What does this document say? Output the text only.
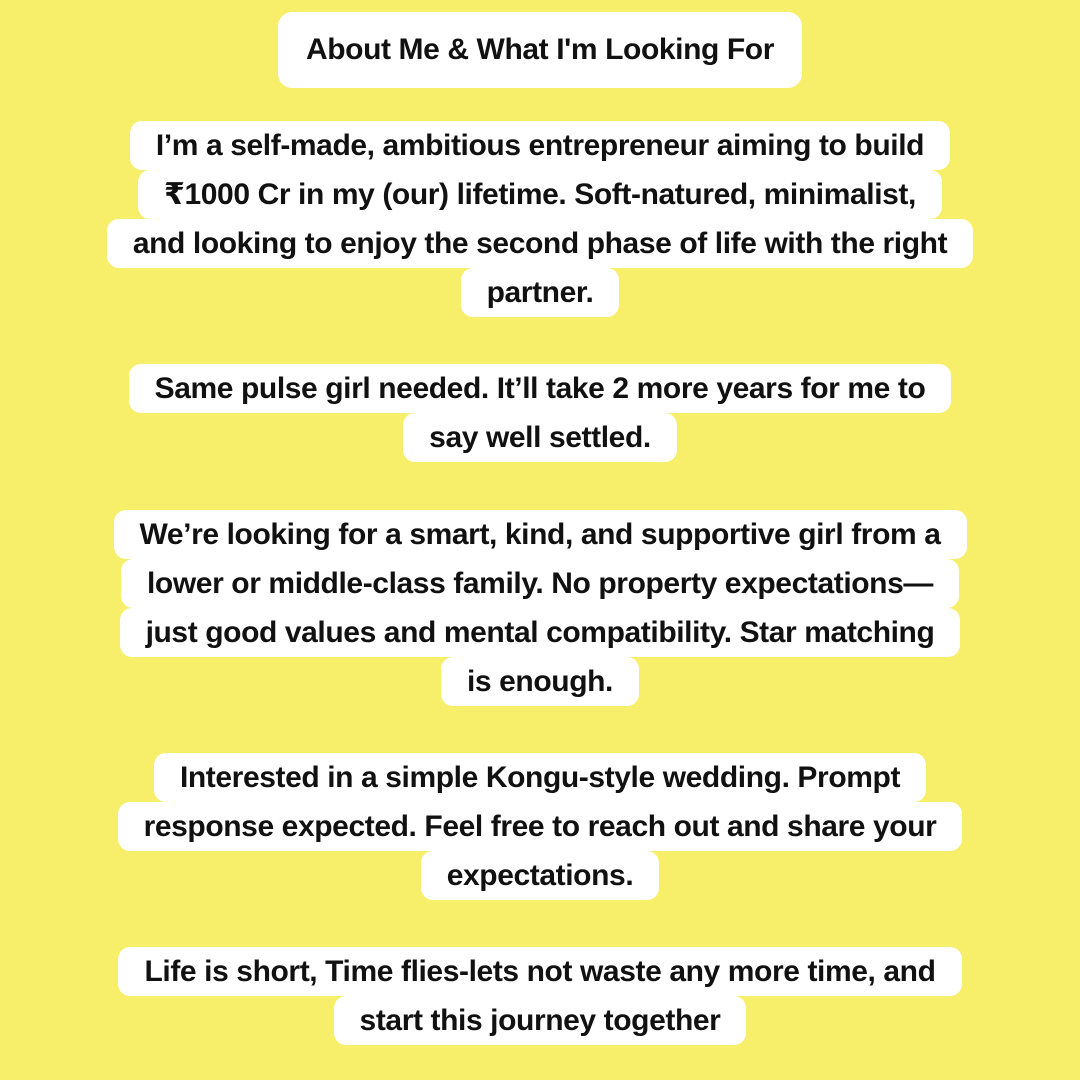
About Me & What I'm Looking For
I’m a self-made, ambitious entrepreneur aiming to build
₹1000 Cr in my (our) lifetime. Soft-natured, minimalist,
and looking to enjoy the second phase of life with the right
partner.
Same pulse girl needed. It’ll take 2 more years for me to
say well settled.
We’re looking for a smart, kind, and supportive girl from a
lower or middle-class family. No property expectations—
just good values and mental compatibility. Star matching
is enough.
Interested in a simple Kongu-style wedding. Prompt
response expected. Feel free to reach out and share your
expectations.
Life is short, Time flies-lets not waste any more time, and
start this journey together
